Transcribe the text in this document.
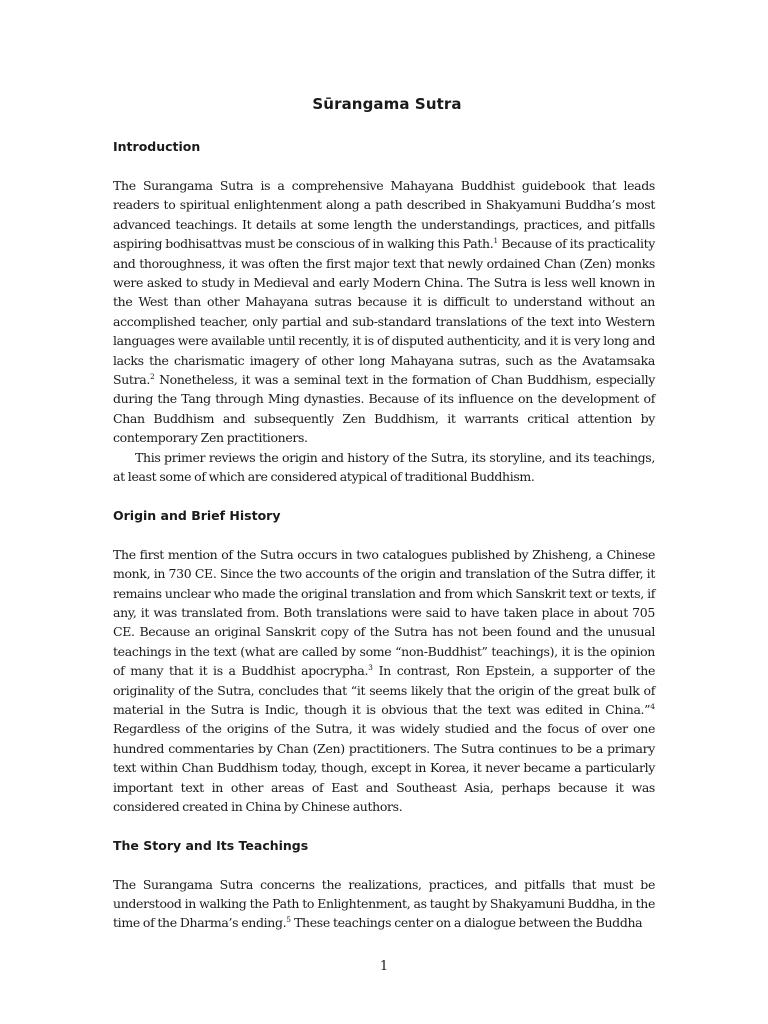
Sūrangama Sutra
Introduction

The Surangama Sutra is a comprehensive Mahayana Buddhist guidebook that leads readers to spiritual enlightenment along a path described in Shakyamuni Buddha’s most advanced teachings. It details at some length the understandings, practices, and pitfalls aspiring bodhisattvas must be conscious of in walking this Path.$^1$ Because of its practicality and thoroughness, it was often the first major text that newly ordained Chan (Zen) monks were asked to study in Medieval and early Modern China. The Sutra is less well known in the West than other Mahayana sutras because it is difficult to understand without an accomplished teacher, only partial and sub-standard translations of the text into Western languages were available until recently, it is of disputed authenticity, and it is very long and lacks the charismatic imagery of other long Mahayana sutras, such as the Avatamsaka Sutra.$^2$ Nonetheless, it was a seminal text in the formation of Chan Buddhism, especially during the Tang through Ming dynasties. Because of its influence on the development of Chan Buddhism and subsequently Zen Buddhism, it warrants critical attention by contemporary Zen practitioners.

This primer reviews the origin and history of the Sutra, its storyline, and its teachings, at least some of which are considered atypical of traditional Buddhism.

Origin and Brief History

The first mention of the Sutra occurs in two catalogues published by Zhisheng, a Chinese monk, in 730 CE. Since the two accounts of the origin and translation of the Sutra differ, it remains unclear who made the original translation and from which Sanskrit text or texts, if any, it was translated from. Both translations were said to have taken place in about 705 CE. Because an original Sanskrit copy of the Sutra has not been found and the unusual teachings in the text (what are called by some “non-Buddhist” teachings), it is the opinion of many that it is a Buddhist apocrypha.$^3$ In contrast, Ron Epstein, a supporter of the originality of the Sutra, concludes that “it seems likely that the origin of the great bulk of material in the Sutra is Indic, though it is obvious that the text was edited in China.”$^4$ Regardless of the origins of the Sutra, it was widely studied and the focus of over one hundred commentaries by Chan (Zen) practitioners. The Sutra continues to be a primary text within Chan Buddhism today, though, except in Korea, it never became a particularly important text in other areas of East and Southeast Asia, perhaps because it was considered created in China by Chinese authors.

The Story and Its Teachings

The Surangama Sutra concerns the realizations, practices, and pitfalls that must be understood in walking the Path to Enlightenment, as taught by Shakyamuni Buddha, in the time of the Dharma’s ending.$^5$ These teachings center on a dialogue between the Buddha

1
